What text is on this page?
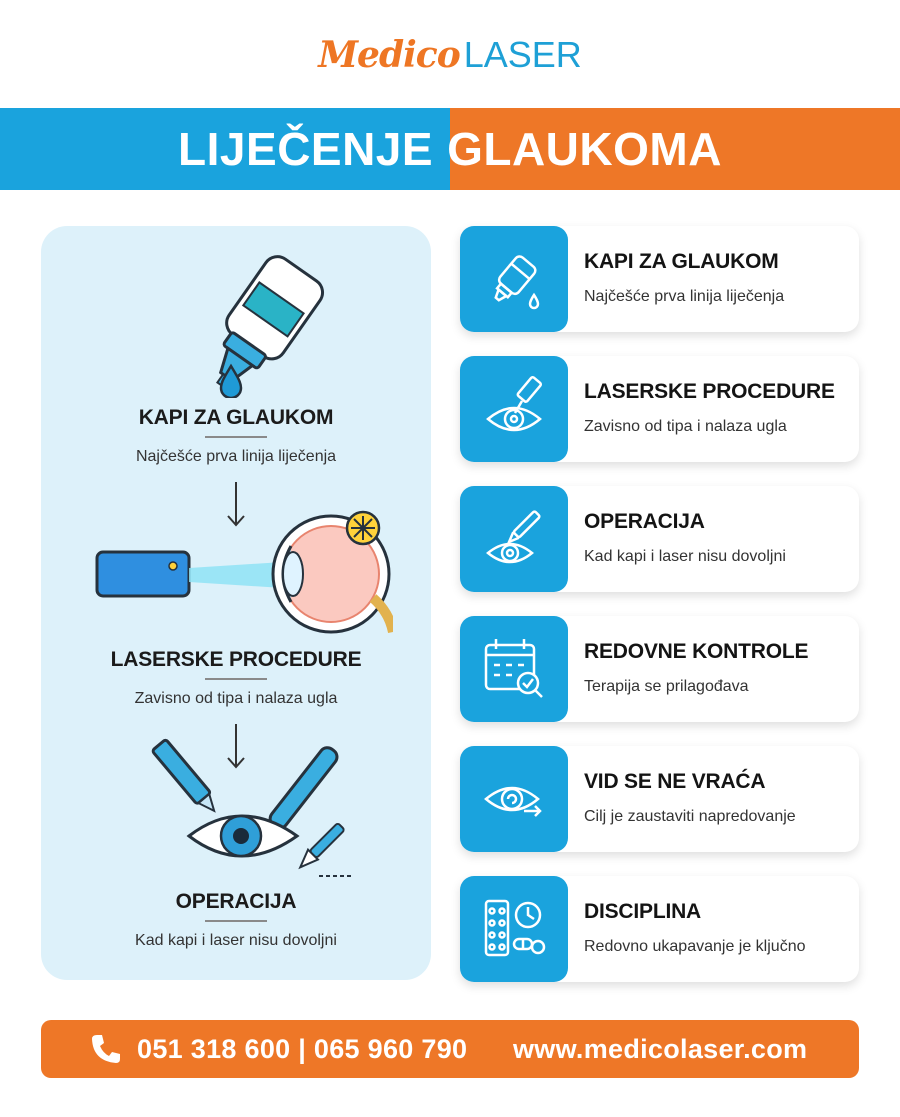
Medico LASER
LIJEČENJE GLAUKOMA
KAPI ZA GLAUKOM
Najčešće prva linija liječenja
LASERSKE PROCEDURE
Zavisno od tipa i nalaza ugla
OPERACIJA
Kad kapi i laser nisu dovoljni
KAPI ZA GLAUKOM
Najčešće prva linija liječenja
LASERSKE PROCEDURE
Zavisno od tipa i nalaza ugla
OPERACIJA
Kad kapi i laser nisu dovoljni
REDOVNE KONTROLE
Terapija se prilagođava
VID SE NE VRAĆA
Cilj je zaustaviti napredovanje
DISCIPLINA
Redovno ukapavanje je ključno
051 318 600 | 065 960 790 www.medicolaser.com
